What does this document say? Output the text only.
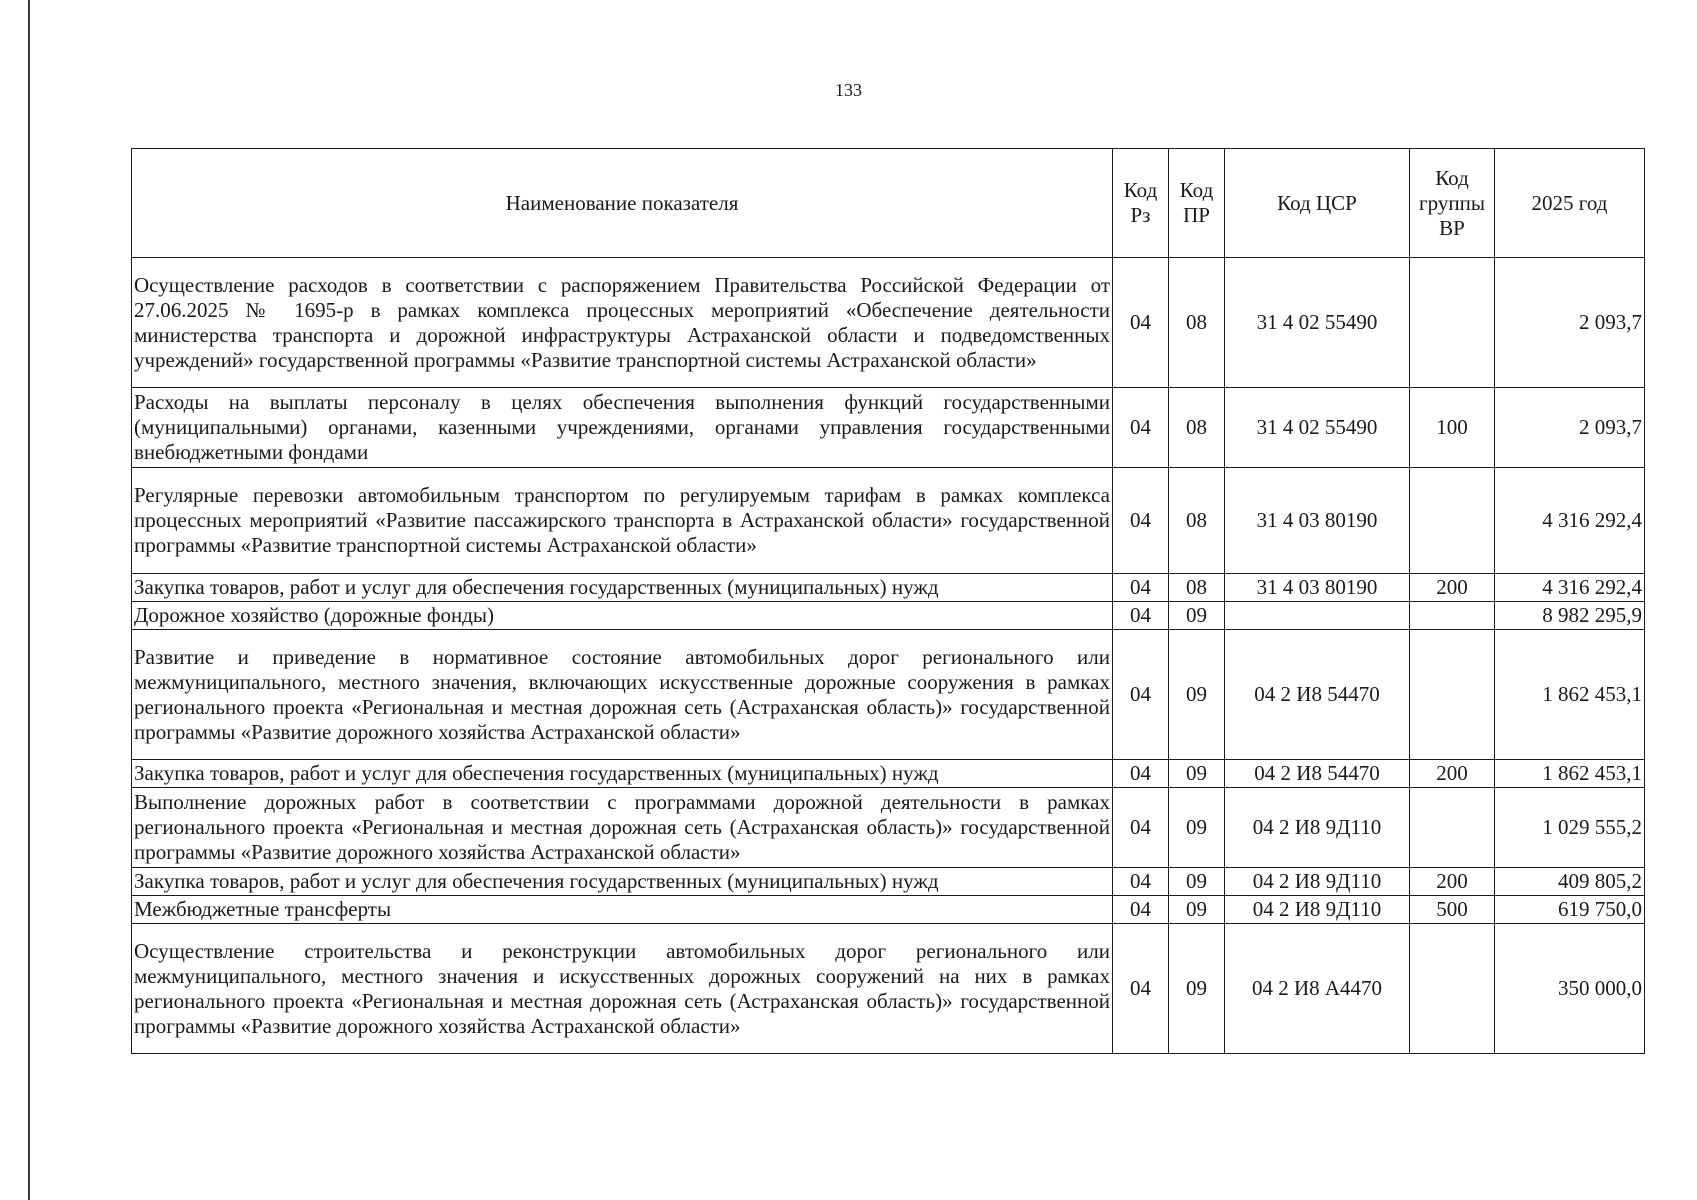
133
Наименование показателя	Код Рз	Код ПР	Код ЦСР	Код группы ВР	2025 год
Осуществление расходов в соответствии с распоряжением Правительства Российской Федерации от 27.06.2025 № 1695-р в рамках комплекса процессных мероприятий «Обеспечение деятельности министерства транспорта и дорожной инфраструктуры Астраханской области и подведомственных учреждений» государственной программы «Развитие транспортной системы Астраханской области»	04	08	31 4 02 55490		2 093,7
Расходы на выплаты персоналу в целях обеспечения выполнения функций государственными (муниципальными) органами, казенными учреждениями, органами управления государственными внебюджетными фондами	04	08	31 4 02 55490	100	2 093,7
Регулярные перевозки автомобильным транспортом по регулируемым тарифам в рамках комплекса процессных мероприятий «Развитие пассажирского транспорта в Астраханской области» государственной программы «Развитие транспортной системы Астраханской области»	04	08	31 4 03 80190		4 316 292,4
Закупка товаров, работ и услуг для обеспечения государственных (муниципальных) нужд	04	08	31 4 03 80190	200	4 316 292,4
Дорожное хозяйство (дорожные фонды)	04	09			8 982 295,9
Развитие и приведение в нормативное состояние автомобильных дорог регионального или межмуниципального, местного значения, включающих искусственные дорожные сооружения в рамках регионального проекта «Региональная и местная дорожная сеть (Астраханская область)» государственной программы «Развитие дорожного хозяйства Астраханской области»	04	09	04 2 И8 54470		1 862 453,1
Закупка товаров, работ и услуг для обеспечения государственных (муниципальных) нужд	04	09	04 2 И8 54470	200	1 862 453,1
Выполнение дорожных работ в соответствии с программами дорожной деятельности в рамках регионального проекта «Региональная и местная дорожная сеть (Астраханская область)» государственной программы «Развитие дорожного хозяйства Астраханской области»	04	09	04 2 И8 9Д110		1 029 555,2
Закупка товаров, работ и услуг для обеспечения государственных (муниципальных) нужд	04	09	04 2 И8 9Д110	200	409 805,2
Межбюджетные трансферты	04	09	04 2 И8 9Д110	500	619 750,0
Осуществление строительства и реконструкции автомобильных дорог регионального или межмуниципального, местного значения и искусственных дорожных сооружений на них в рамках регионального проекта «Региональная и местная дорожная сеть (Астраханская область)» государственной программы «Развитие дорожного хозяйства Астраханской области»	04	09	04 2 И8 А4470		350 000,0
